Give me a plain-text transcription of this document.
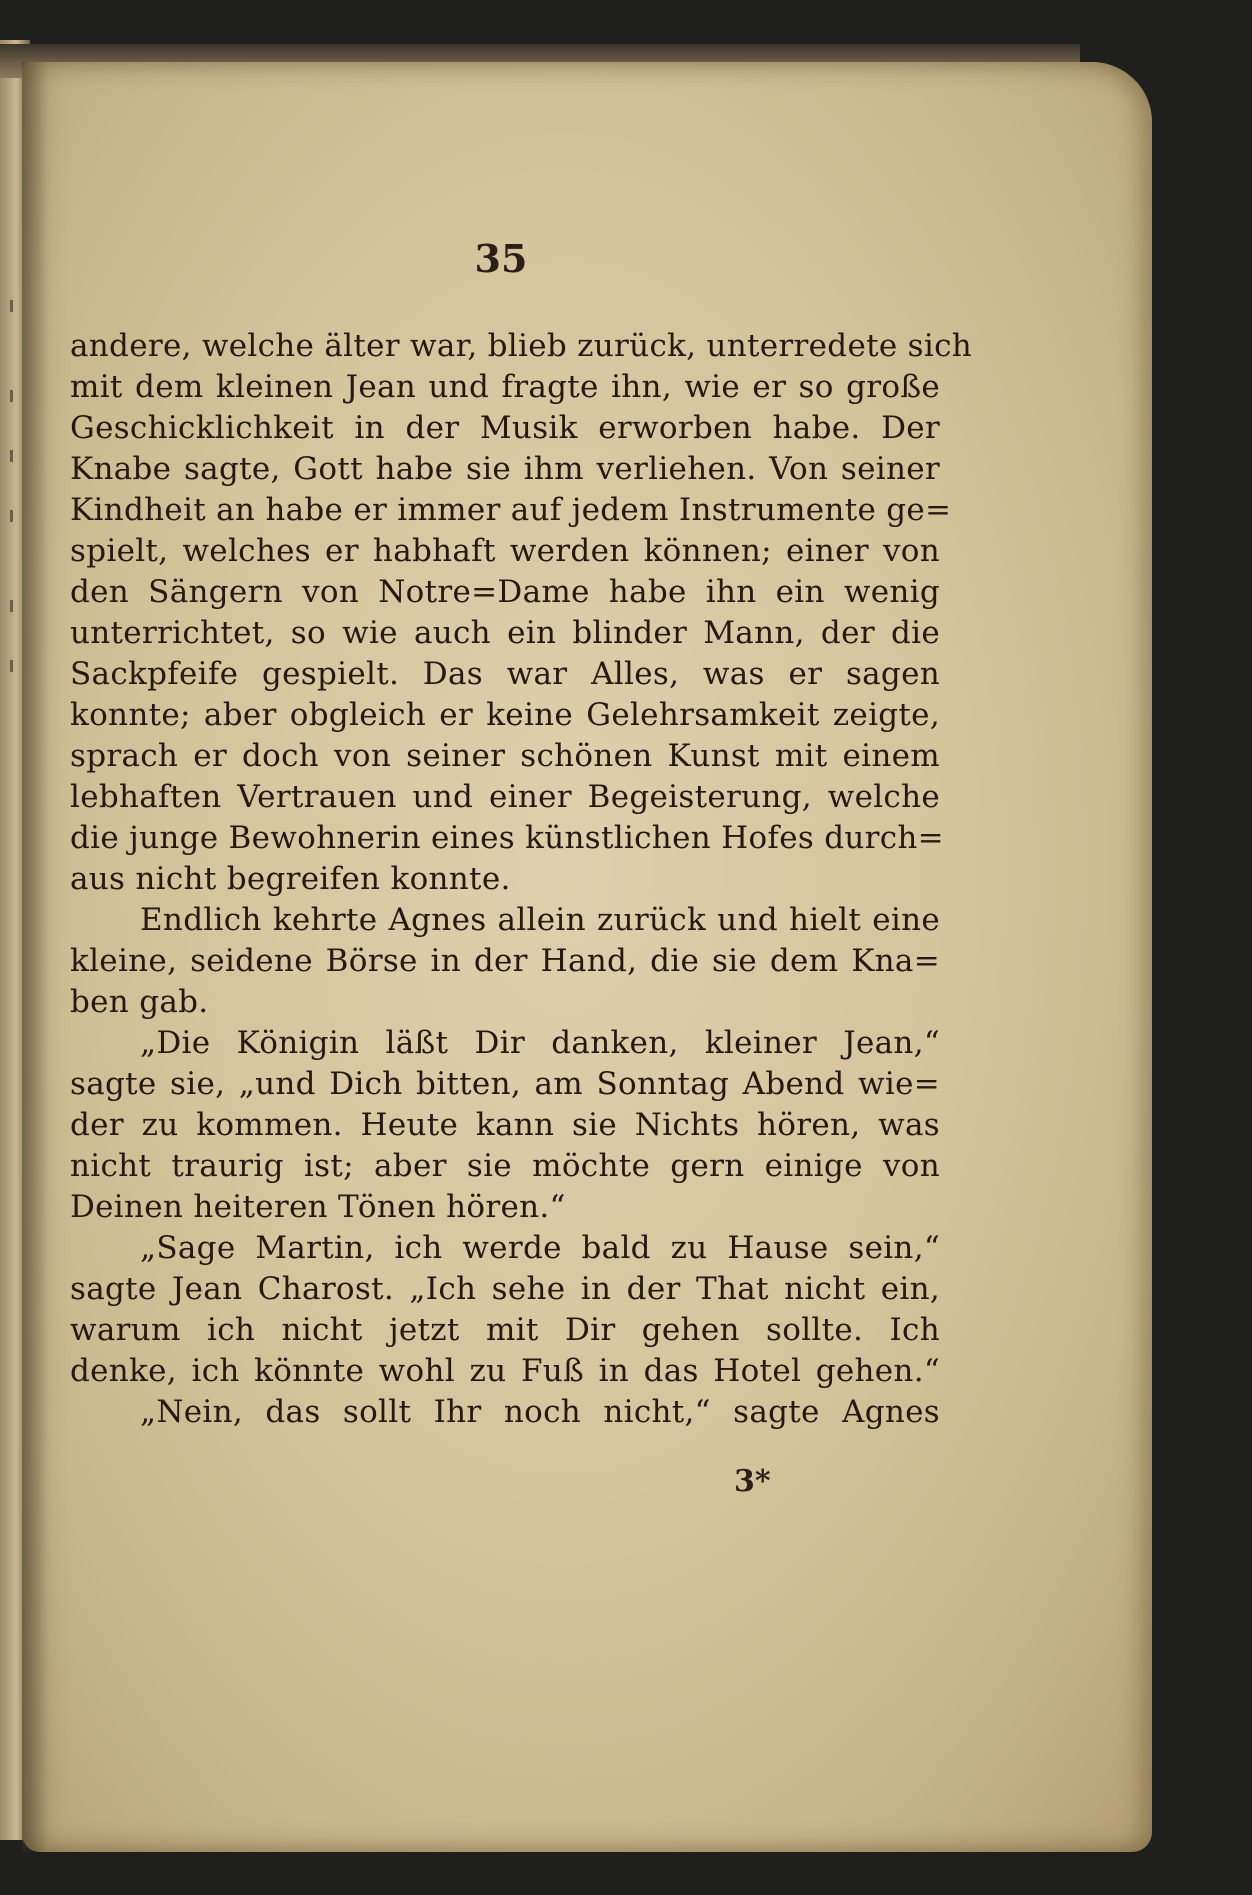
35
andere, welche älter war, blieb zurück, unterredete sich
mit dem kleinen Jean und fragte ihn, wie er so große
Geschicklichkeit in der Musik erworben habe. Der
Knabe sagte, Gott habe sie ihm verliehen. Von seiner
Kindheit an habe er immer auf jedem Instrumente ge=
spielt, welches er habhaft werden können; einer von
den Sängern von Notre=Dame habe ihn ein wenig
unterrichtet, so wie auch ein blinder Mann, der die
Sackpfeife gespielt. Das war Alles, was er sagen
konnte; aber obgleich er keine Gelehrsamkeit zeigte,
sprach er doch von seiner schönen Kunst mit einem
lebhaften Vertrauen und einer Begeisterung, welche
die junge Bewohnerin eines künstlichen Hofes durch=
aus nicht begreifen konnte.
Endlich kehrte Agnes allein zurück und hielt eine
kleine, seidene Börse in der Hand, die sie dem Kna=
ben gab.
„Die Königin läßt Dir danken, kleiner Jean,“
sagte sie, „und Dich bitten, am Sonntag Abend wie=
der zu kommen. Heute kann sie Nichts hören, was
nicht traurig ist; aber sie möchte gern einige von
Deinen heiteren Tönen hören.“
„Sage Martin, ich werde bald zu Hause sein,“
sagte Jean Charost. „Ich sehe in der That nicht ein,
warum ich nicht jetzt mit Dir gehen sollte. Ich
denke, ich könnte wohl zu Fuß in das Hotel gehen.“
„Nein, das sollt Ihr noch nicht,“ sagte Agnes
3*
